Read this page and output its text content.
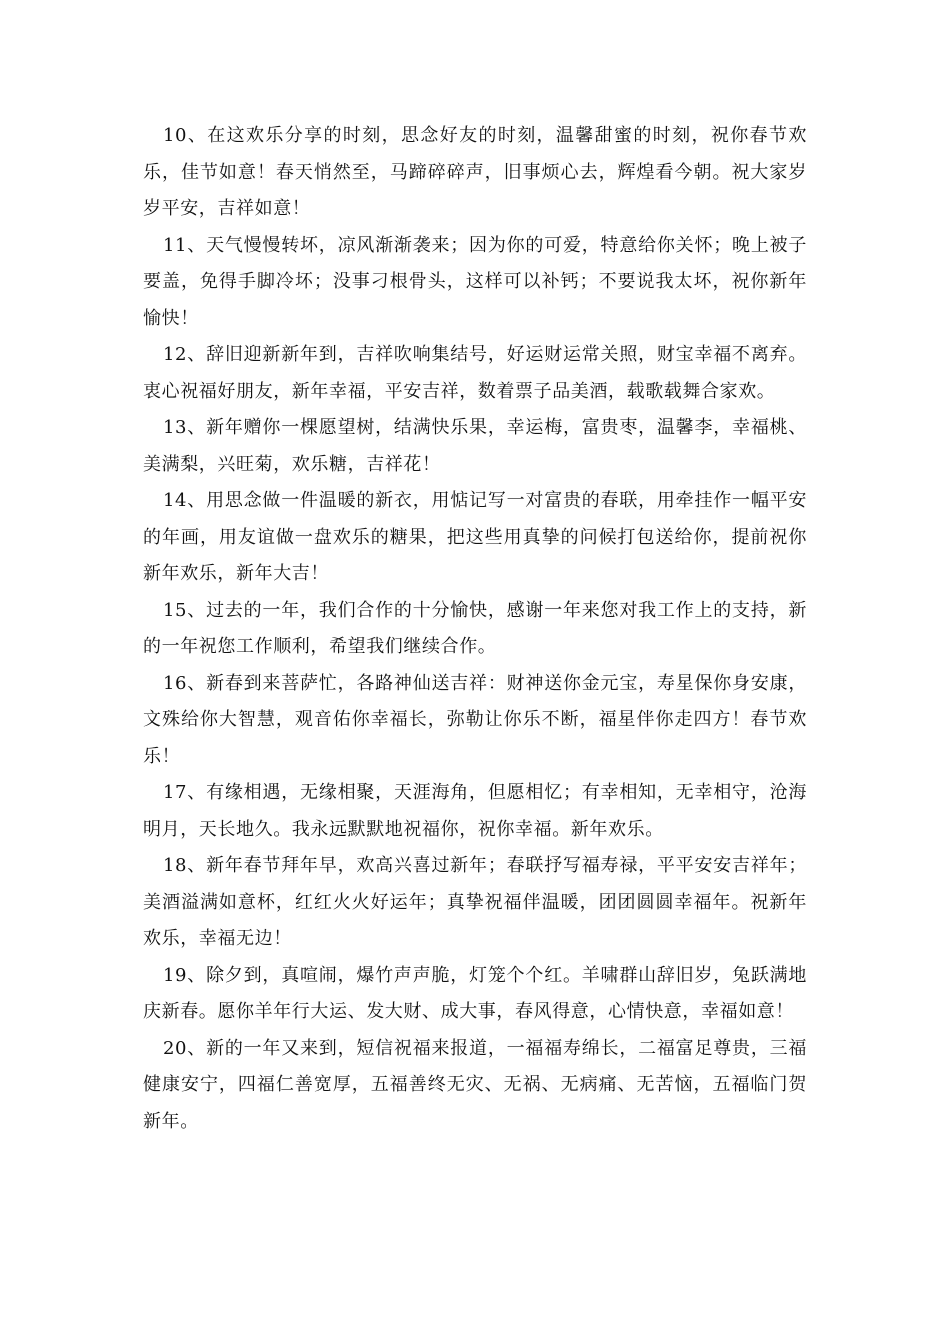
10、在这欢乐分享的时刻，思念好友的时刻，温馨甜蜜的时刻，祝你春节欢乐，佳节如意！春天悄然至，马蹄碎碎声，旧事烦心去，辉煌看今朝。祝大家岁岁平安，吉祥如意！

11、天气慢慢转坏，凉风渐渐袭来；因为你的可爱，特意给你关怀；晚上被子要盖，免得手脚冷坏；没事刁根骨头，这样可以补钙；不要说我太坏，祝你新年愉快！

12、辞旧迎新新年到，吉祥吹响集结号，好运财运常关照，财宝幸福不离弃。衷心祝福好朋友，新年幸福，平安吉祥，数着票子品美酒，载歌载舞合家欢。

13、新年赠你一棵愿望树，结满快乐果，幸运梅，富贵枣，温馨李，幸福桃、美满梨，兴旺菊，欢乐糖，吉祥花！

14、用思念做一件温暖的新衣，用惦记写一对富贵的春联，用牵挂作一幅平安的年画，用友谊做一盘欢乐的糖果，把这些用真挚的问候打包送给你，提前祝你新年欢乐，新年大吉！

15、过去的一年，我们合作的十分愉快，感谢一年来您对我工作上的支持，新的一年祝您工作顺利，希望我们继续合作。

16、新春到来菩萨忙，各路神仙送吉祥：财神送你金元宝，寿星保你身安康，文殊给你大智慧，观音佑你幸福长，弥勒让你乐不断，福星伴你走四方！春节欢乐！

17、有缘相遇，无缘相聚，天涯海角，但愿相忆；有幸相知，无幸相守，沧海明月，天长地久。我永远默默地祝福你，祝你幸福。新年欢乐。

18、新年春节拜年早，欢高兴喜过新年；春联抒写福寿禄，平平安安吉祥年；美酒溢满如意杯，红红火火好运年；真挚祝福伴温暖，团团圆圆幸福年。祝新年欢乐，幸福无边！

19、除夕到，真喧闹，爆竹声声脆，灯笼个个红。羊啸群山辞旧岁，兔跃满地庆新春。愿你羊年行大运、发大财、成大事，春风得意，心情快意，幸福如意！

20、新的一年又来到，短信祝福来报道，一福福寿绵长，二福富足尊贵，三福健康安宁，四福仁善宽厚，五福善终无灾、无祸、无病痛、无苦恼，五福临门贺新年。
